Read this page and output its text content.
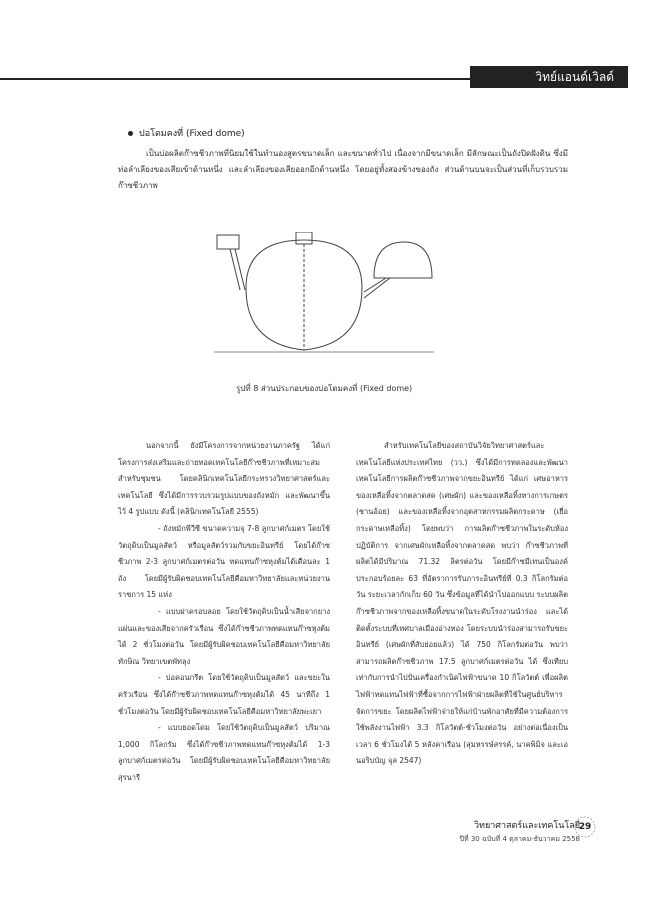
วิทย์แอนด์เวิลด์
ปอโดมคงที่ (Fixed dome)
เป็นบ่อผลิตก๊าซชีวภาพที่นิยมใช้ในทำนองสูตรขนาดเล็ก และขนาดทั่วไป เนื่องจากมีขนาดเล็ก มีลักษณะเป็นถังปิดฝังดิน ซึ่งมีท่อลำเลียงของเสียเข้าด้านหนึ่ง และลำเลียงของเสียออกอีกด้านหนึ่ง โดยอยู่ทั้งสองข้างของถัง ส่วนด้านบนจะเป็นส่วนที่เก็บรวบรวมก๊าซชีวภาพ
รูปที่ 8 ส่วนประกอบของบ่อโดมคงที่ (Fixed dome)

นอกจากนี้ ยังมีโครงการจากหน่วยงานภาครัฐ ได้แก่ โครงการส่งเสริมและถ่ายทอดเทคโนโลยีก๊าซชีวภาพที่เหมาะสมสำหรับชุมชน โดยคลินิกเทคโนโลยีกระทรวงวิทยาศาสตร์และเทคโนโลยี ซึ่งได้มีการรวบรวมรูปแบบของถังหมัก และพัฒนาขึ้นไว้ 4 รูปแบบ ดังนี้ (คลินิกเทคโนโลยี 2555)

- ถังหมักพีวีซี ขนาดความจุ 7-8 ลูกบาศก์เมตร โดยใช้วัตถุดิบเป็นมูลสัตว์ หรือมูลสัตว์รวมกับขยะอินทรีย์ โดยได้ก๊าซชีวภาพ 2-3 ลูกบาศก์เมตรต่อวัน ทดแทนก๊าซหุงต้มได้เดือนละ 1 ถัง โดยมีผู้รับผิดชอบเทคโนโลยีคือมหาวิทยาลัยและหน่วยงานราชการ 15 แห่ง

- แบบฝาครอบลอย โดยใช้วัตถุดิบเป็นน้ำเสียจากยางแผ่นและของเสียจากครัวเรือน ซึ่งได้ก๊าซชีวภาพทดแทนก๊าซหุงต้มได้ 2 ชั่วโมงต่อวัน โดยมีผู้รับผิดชอบเทคโนโลยีคือมหาวิทยาลัยทักษิณ วิทยาเขตพัทลุง

- บ่อคอนกรีต โดยใช้วัตถุดิบเป็นมูลสัตว์ และขยะในครัวเรือน ซึ่งได้ก๊าซชีวภาพทดแทนก๊าซหุงต้มได้ 45 นาทีถึง 1 ชั่วโมงต่อวัน โดยมีผู้รับผิดชอบเทคโนโลยีคือมหาวิทยาลัยพะเยา

- แบบยอดโดม โดยใช้วัตถุดิบเป็นมูลสัตว์ ปริมาณ 1,000 กิโลกรัม ซึ่งได้ก๊าซชีวภาพทดแทนก๊าซหุงต้มได้ 1-3 ลูกบาศก์เมตรต่อวัน โดยมีผู้รับผิดชอบเทคโนโลยีคือมหาวิทยาลัยสุรนารี

สำหรับเทคโนโลยีของสถาบันวิจัยวิทยาศาสตร์และเทคโนโลยีแห่งประเทศไทย (วว.) ซึ่งได้มีการทดลองและพัฒนาเทคโนโลยีการผลิตก๊าซชีวภาพจากขยะอินทรีย์ ได้แก่ เศษอาหาร ของเหลือทิ้งจากตลาดสด (เศษผัก) และของเหลือทิ้งทางการเกษตร (ชานอ้อย) และของเหลือทิ้งจากอุตสาหกรรมผลิตกระดาษ (เยื่อกระดาษเหลือทิ้ง) โดยพบว่า การผลิตก๊าซชีวภาพในระดับห้องปฏิบัติการ จากเศษผักเหลือทิ้งจากตลาดสด พบว่า ก๊าซชีวภาพที่ผลิตได้มีปริมาณ 71.32 ลิตรต่อวัน โดยมีก๊าซมีเทนเป็นองค์ประกอบร้อยละ 63 ที่อัตราการรับภาระอินทรีย์ที่ 0.3 กิโลกรัมต่อวัน ระยะเวลากักเก็บ 60 วัน ซึ่งข้อมูลที่ได้นำไปออกแบบ ระบบผลิตก๊าซชีวภาพจากของเหลือทิ้งขนาดในระดับโรงงานนำร่อง และได้ติดตั้งระบบที่เทศบาลเมืองอ่างทอง โดยระบบนำร่องสามารถรับขยะอินทรีย์ (เศษผักที่สับย่อยแล้ว) ได้ 750 กิโลกรัมต่อวัน พบว่า สามารถผลิตก๊าซชีวภาพ 17.5 ลูกบาศก์เมตรต่อวัน ได้ ซึ่งเทียบเท่ากับการนำไปปั่นเครื่องกำเนิดไฟฟ้าขนาด 10 กิโลวัตต์ เพื่อผลิตไฟฟ้าทดแทนไฟฟ้าที่ซื้อจากการไฟฟ้าฝ่ายผลิตที่ใช้ในศูนย์บริหารจัดการขยะ โดยผลิตไฟฟ้าจ่ายให้แก่บ้านพักอาศัยที่มีความต้องการใช้พลังงานไฟฟ้า 3.3 กิโลวัตต์-ชั่วโมงต่อวัน อย่างต่อเนื่องเป็นเวลา 6 ชั่วโมงได้ 5 หลังคาเรือน (สุมหรรษ์สรรค์, นาคพิมิจ และเอนอริบบัญ จุล 2547)

วิทยาศาสตร์และเทคโนโลยี
ปีที่ 30 ฉบับที่ 4 ตุลาคม-ธันวาคม 2558
29
